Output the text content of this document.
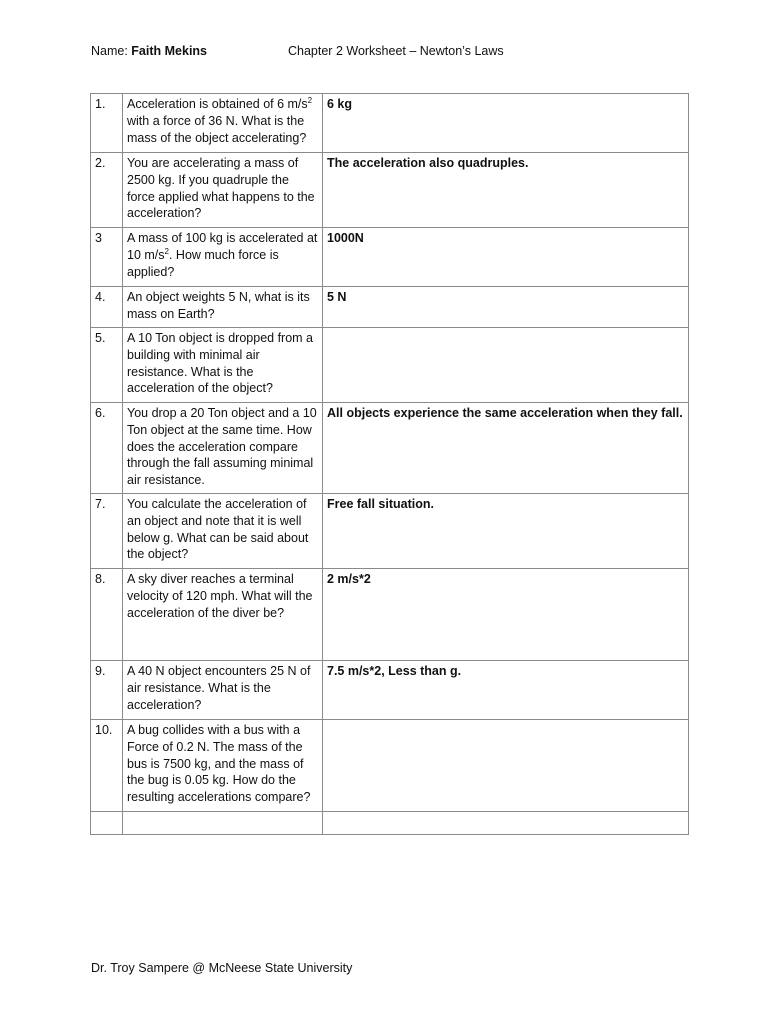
Name: Faith Mekins	Chapter 2 Worksheet – Newton’s Laws
1.	Acceleration is obtained of 6 $m/s^2$ with a force of 36 N. What is the mass of the object accelerating?	6 kg
2.	You are accelerating a mass of 2500 kg. If you quadruple the force applied what happens to the acceleration?	The acceleration also quadruples.
3	A mass of 100 kg is accelerated at 10 $m/s^2$. How much force is applied?	1000N
4.	An object weights 5 N, what is its mass on Earth?	5 N
5.	A 10 Ton object is dropped from a building with minimal air resistance. What is the acceleration of the object?	
6.	You drop a 20 Ton object and a 10 Ton object at the same time. How does the acceleration compare through the fall assuming minimal air resistance.	All objects experience the same acceleration when they fall.
7.	You calculate the acceleration of an object and note that it is well below g. What can be said about the object?	Free fall situation.
8.	A sky diver reaches a terminal velocity of 120 mph. What will the acceleration of the diver be?	2 m/s*2
9.	A 40 N object encounters 25 N of air resistance. What is the acceleration?	7.5 m/s*2, Less than g.
10.	A bug collides with a bus with a Force of 0.2 N. The mass of the bus is 7500 kg, and the mass of the bug is 0.05 kg. How do the resulting accelerations compare?	

Dr. Troy Sampere @ McNeese State University
